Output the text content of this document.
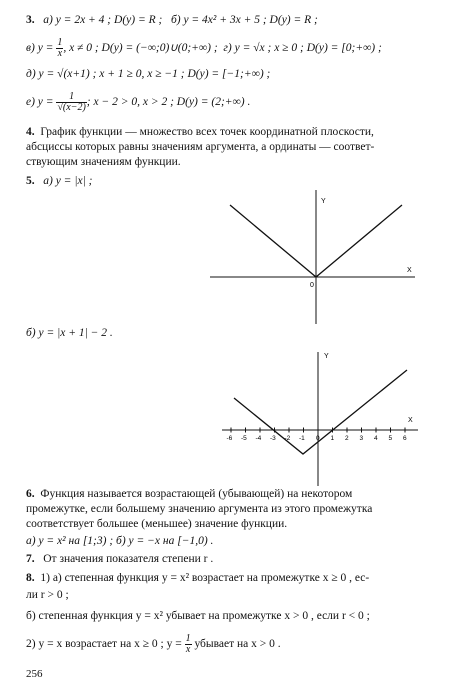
3. а) y = 2x + 4 ; D(y) = R ; б) y = 4x² + 3x + 5 ; D(y) = R ;
в) $y = \frac{1}{x}$ , x ≠ 0 ; D(y) = (−∞;0)∪(0;+∞) ; г) y = √x ; x ≥ 0 ; D(y) = [0;+∞) ;
д) y = √(x+1) ; x + 1 ≥ 0, x ≥ −1 ; D(y) = [−1;+∞) ;
е) $y = \frac{1}{√(x-2)}$ ; x − 2 > 0, x > 2 ; D(y) = (2;+∞) .
4. График функции — множество всех точек координатной плоскости,
абсциссы которых равны значениям аргумента, а ординаты — соответ-
ствующим значениям функции.
5. а) y = |x| ;
Y
X
0
б) y = |x + 1| − 2 .
-6 -5 -4 -3 -2 -1 0 1 2 3 4 5 6
Y
X
6. Функция называется возрастающей (убывающей) на некотором
промежутке, если большему значению аргумента из этого промежутка
соответствует большее (меньшее) значение функции.
а) y = x² на [1;3) ; б) y = −x на [−1,0) .
7. От значения показателя степени r .
8. 1) а) степенная функция y = x² возрастает на промежутке x ≥ 0 , ес-
ли r > 0 ;
б) степенная функция y = x² убывает на промежутке x > 0 , если r < 0 ;
2) y = x возрастает на x ≥ 0 ; $y = \frac{1}{x}$ убывает на x > 0 .
256
